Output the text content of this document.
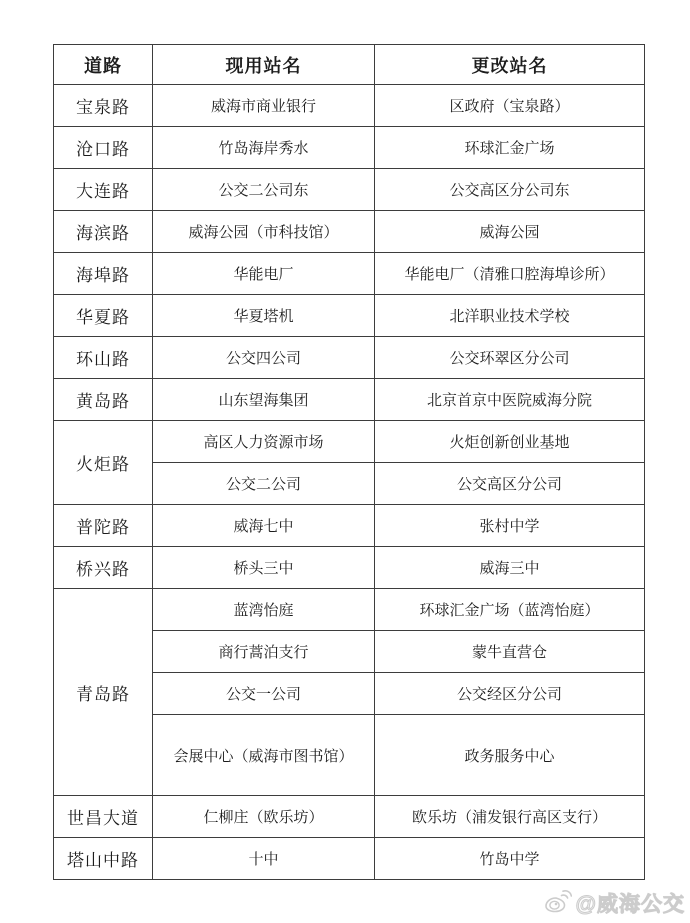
道路	现用站名	更改站名
宝泉路	威海市商业银行	区政府（宝泉路）
沧口路	竹岛海岸秀水	环球汇金广场
大连路	公交二公司东	公交高区分公司东
海滨路	威海公园（市科技馆）	威海公园
海埠路	华能电厂	华能电厂（清雅口腔海埠诊所）
华夏路	华夏塔机	北洋职业技术学校
环山路	公交四公司	公交环翠区分公司
黄岛路	山东望海集团	北京首京中医院威海分院
火炬路	高区人力资源市场	火炬创新创业基地
	公交二公司	公交高区分公司
普陀路	威海七中	张村中学
桥兴路	桥头三中	威海三中
青岛路	蓝湾怡庭	环球汇金广场（蓝湾怡庭）
	商行蒿泊支行	蒙牛直营仓
	公交一公司	公交经区分公司
	会展中心（威海市图书馆）	政务服务中心
世昌大道	仁柳庄（欧乐坊）	欧乐坊（浦发银行高区支行）
塔山中路	十中	竹岛中学
@威海公交
